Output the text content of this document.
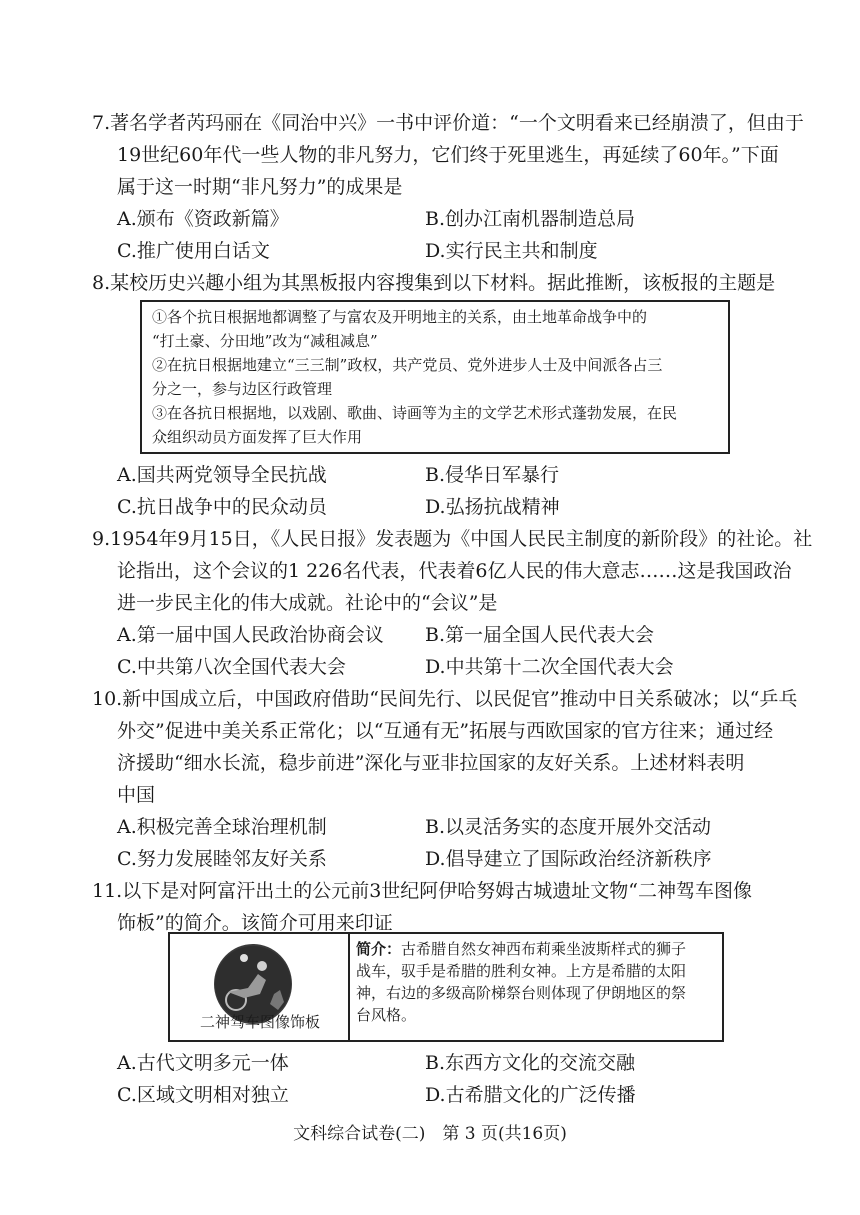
7.著名学者芮玛丽在《同治中兴》一书中评价道：“一个文明看来已经崩溃了，但由于
19世纪60年代一些人物的非凡努力，它们终于死里逃生，再延续了60年。”下面
属于这一时期“非凡努力”的成果是
A.颁布《资政新篇》	B.创办江南机器制造总局
C.推广使用白话文	D.实行民主共和制度
8.某校历史兴趣小组为其黑板报内容搜集到以下材料。据此推断，该板报的主题是
①各个抗日根据地都调整了与富农及开明地主的关系，由土地革命战争中的
“打土豪、分田地”改为“减租减息”
②在抗日根据地建立“三三制”政权，共产党员、党外进步人士及中间派各占三
分之一，参与边区行政管理
③在各抗日根据地，以戏剧、歌曲、诗画等为主的文学艺术形式蓬勃发展，在民
众组织动员方面发挥了巨大作用
A.国共两党领导全民抗战	B.侵华日军暴行
C.抗日战争中的民众动员	D.弘扬抗战精神
9.1954年9月15日，《人民日报》发表题为《中国人民民主制度的新阶段》的社论。社
论指出，这个会议的1 226名代表，代表着6亿人民的伟大意志……这是我国政治
进一步民主化的伟大成就。社论中的“会议”是
A.第一届中国人民政治协商会议 B.第一届全国人民代表大会
C.中共第八次全国代表大会	D.中共第十二次全国代表大会
10.新中国成立后，中国政府借助“民间先行、以民促官”推动中日关系破冰；以“乒乓
外交”促进中美关系正常化；以“互通有无”拓展与西欧国家的官方往来；通过经
济援助“细水长流，稳步前进”深化与亚非拉国家的友好关系。上述材料表明
中国
A.积极完善全球治理机制	B.以灵活务实的态度开展外交活动
C.努力发展睦邻友好关系	D.倡导建立了国际政治经济新秩序
11.以下是对阿富汗出土的公元前3世纪阿伊哈努姆古城遗址文物“二神驾车图像
饰板”的简介。该简介可用来印证
二神驾车图像饰板
简介：古希腊自然女神西布莉乘坐波斯样式的狮子
战车，驭手是希腊的胜利女神。上方是希腊的太阳
神，右边的多级高阶梯祭台则体现了伊朗地区的祭
台风格。
A.古代文明多元一体	B.东西方文化的交流交融
C.区域文明相对独立	D.古希腊文化的广泛传播
文科综合试卷(二)　第 3 页(共16页)
